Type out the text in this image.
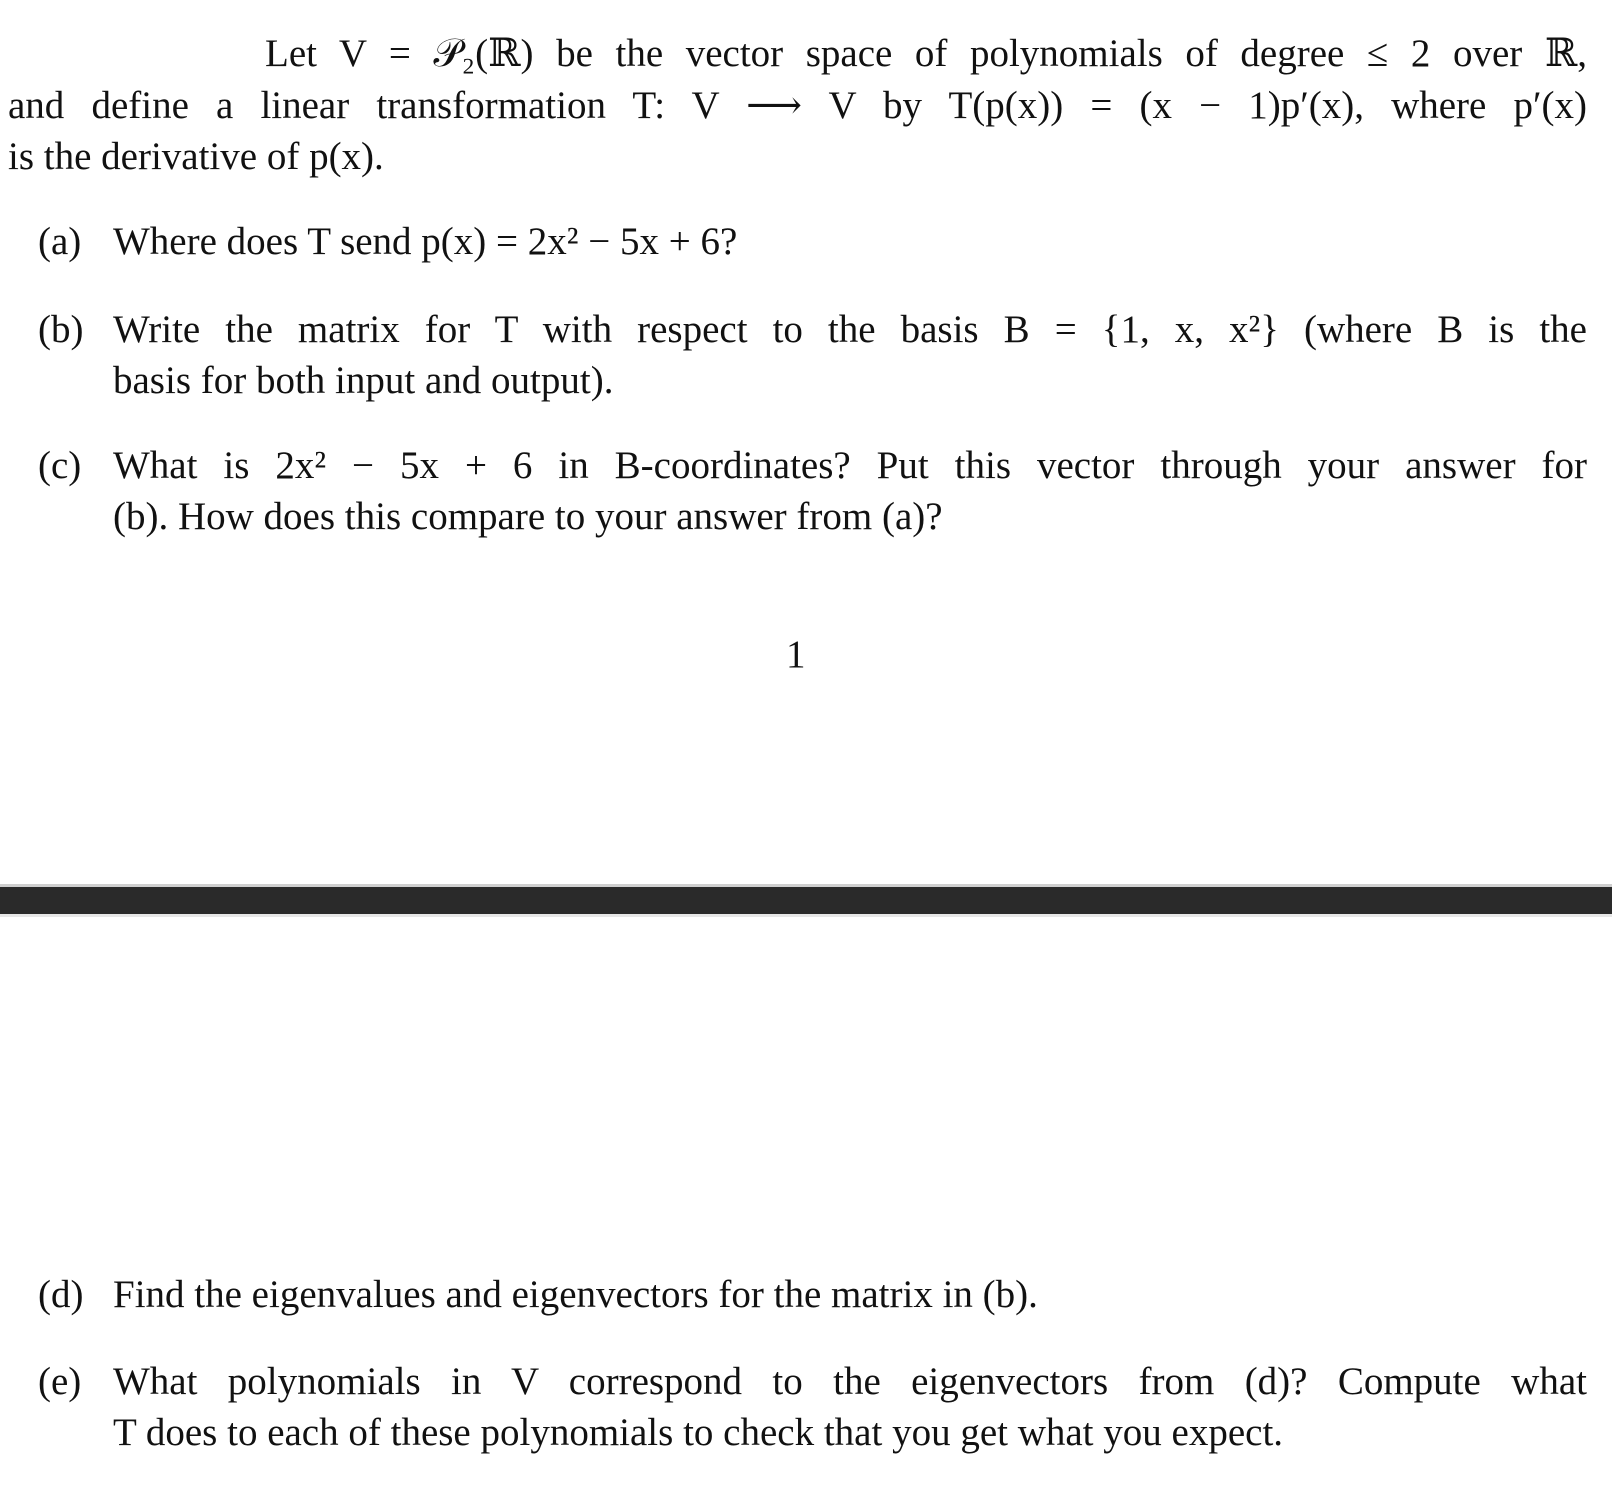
Let V = 𝒫₂(ℝ) be the vector space of polynomials of degree ≤ 2 over ℝ,
and define a linear transformation T: V ⟶ V by T(p(x)) = (x − 1)p′(x), where p′(x)
is the derivative of p(x).
(a) Where does T send p(x) = 2x² − 5x + 6?
(b) Write the matrix for T with respect to the basis B = {1, x, x²} (where B is the
basis for both input and output).
(c) What is 2x² − 5x + 6 in B-coordinates? Put this vector through your answer for
(b). How does this compare to your answer from (a)?
1
(d) Find the eigenvalues and eigenvectors for the matrix in (b).
(e) What polynomials in V correspond to the eigenvectors from (d)? Compute what
T does to each of these polynomials to check that you get what you expect.
